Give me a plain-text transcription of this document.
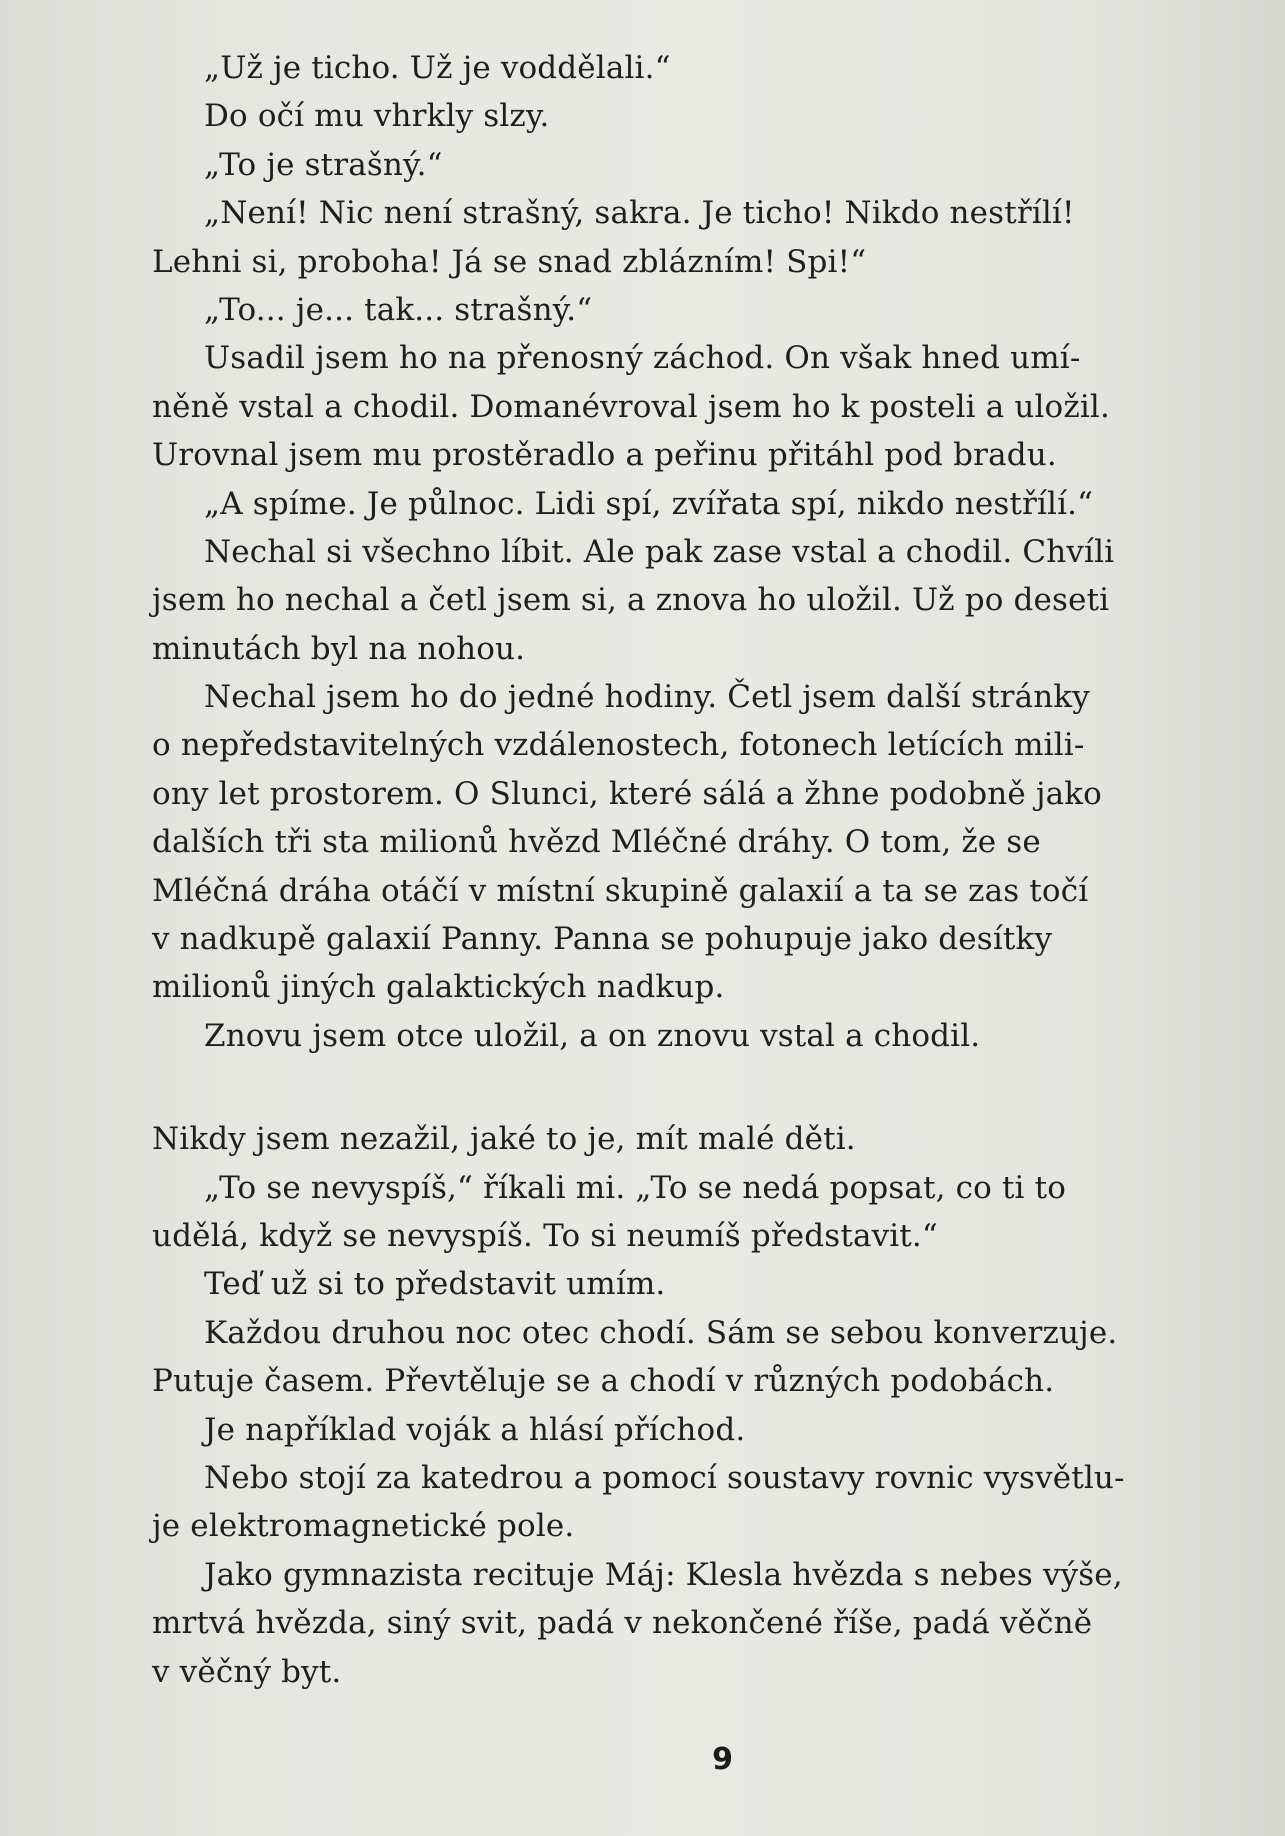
„Už je ticho. Už je voddělali.“
Do očí mu vhrkly slzy.
„To je strašný.“
„Není! Nic není strašný, sakra. Je ticho! Nikdo nestřílí!
Lehni si, proboha! Já se snad zblázním! Spi!“
„To... je... tak... strašný.“
Usadil jsem ho na přenosný záchod. On však hned umí-
něně vstal a chodil. Domanévroval jsem ho k posteli a uložil.
Urovnal jsem mu prostěradlo a peřinu přitáhl pod bradu.
„A spíme. Je půlnoc. Lidi spí, zvířata spí, nikdo nestřílí.“
Nechal si všechno líbit. Ale pak zase vstal a chodil. Chvíli
jsem ho nechal a četl jsem si, a znova ho uložil. Už po deseti
minutách byl na nohou.
Nechal jsem ho do jedné hodiny. Četl jsem další stránky
o nepředstavitelných vzdálenostech, fotonech letících mili-
ony let prostorem. O Slunci, které sálá a žhne podobně jako
dalších tři sta milionů hvězd Mléčné dráhy. O tom, že se
Mléčná dráha otáčí v místní skupině galaxií a ta se zas točí
v nadkupě galaxií Panny. Panna se pohupuje jako desítky
milionů jiných galaktických nadkup.
Znovu jsem otce uložil, a on znovu vstal a chodil.
Nikdy jsem nezažil, jaké to je, mít malé děti.
„To se nevyspíš,“ říkali mi. „To se nedá popsat, co ti to
udělá, když se nevyspíš. To si neumíš představit.“
Teď už si to představit umím.
Každou druhou noc otec chodí. Sám se sebou konverzuje.
Putuje časem. Převtěluje se a chodí v různých podobách.
Je například voják a hlásí příchod.
Nebo stojí za katedrou a pomocí soustavy rovnic vysvětlu-
je elektromagnetické pole.
Jako gymnazista recituje Máj: Klesla hvězda s nebes výše,
mrtvá hvězda, siný svit, padá v nekončené říše, padá věčně
v věčný byt.
9
